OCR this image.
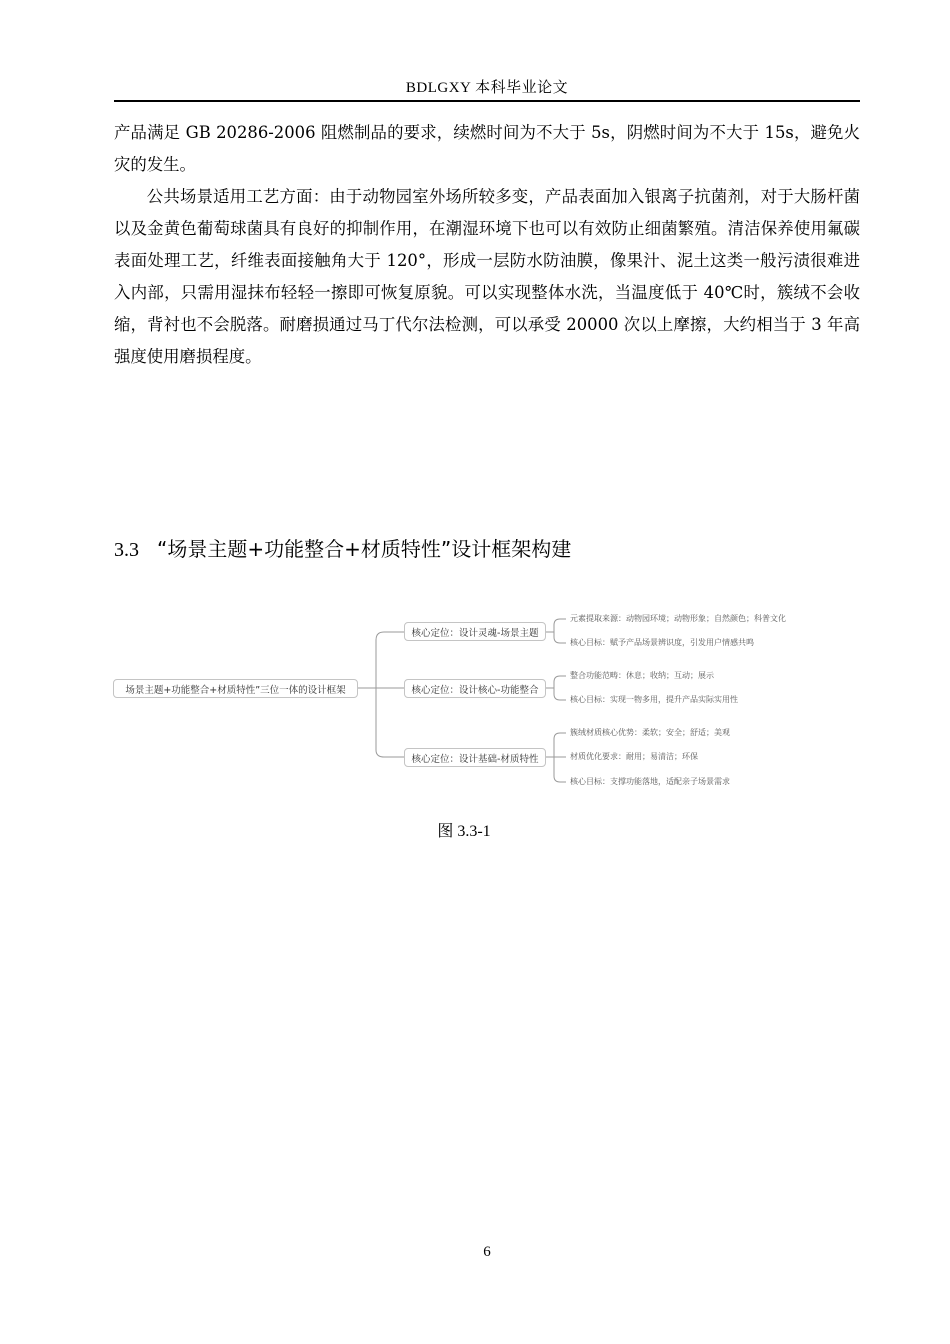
BDLGXY 本科毕业论文

产品满足 GB 20286-2006 阻燃制品的要求，续燃时间为不大于 5s，阴燃时间为不大于 15s，避免火灾的发生。

公共场景适用工艺方面：由于动物园室外场所较多变，产品表面加入银离子抗菌剂，对于大肠杆菌以及金黄色葡萄球菌具有良好的抑制作用，在潮湿环境下也可以有效防止细菌繁殖。清洁保养使用氟碳表面处理工艺，纤维表面接触角大于 120°，形成一层防水防油膜，像果汁、泥土这类一般污渍很难进入内部，只需用湿抹布轻轻一擦即可恢复原貌。可以实现整体水洗，当温度低于 40℃时，簇绒不会收缩，背衬也不会脱落。耐磨损通过马丁代尔法检测，可以承受 20000 次以上摩擦，大约相当于 3 年高强度使用磨损程度。

3.3 “场景主题+功能整合+材质特性”设计框架构建
场景主题+功能整合+材质特性”三位一体的设计框架
核心定位：设计灵魂-场景主题
核心定位：设计核心-功能整合
核心定位：设计基础-材质特性
元素提取来源：动物园环境；动物形象；自然颜色；科普文化
核心目标：赋予产品场景辨识度，引发用户情感共鸣
整合功能范畴：休息；收纳；互动；展示
核心目标：实现一物多用，提升产品实际实用性
簇绒材质核心优势：柔软；安全；舒适；美观
材质优化要求：耐用；易清洁；环保
核心目标：支撑功能落地，适配亲子场景需求
图 3.3-1
6
